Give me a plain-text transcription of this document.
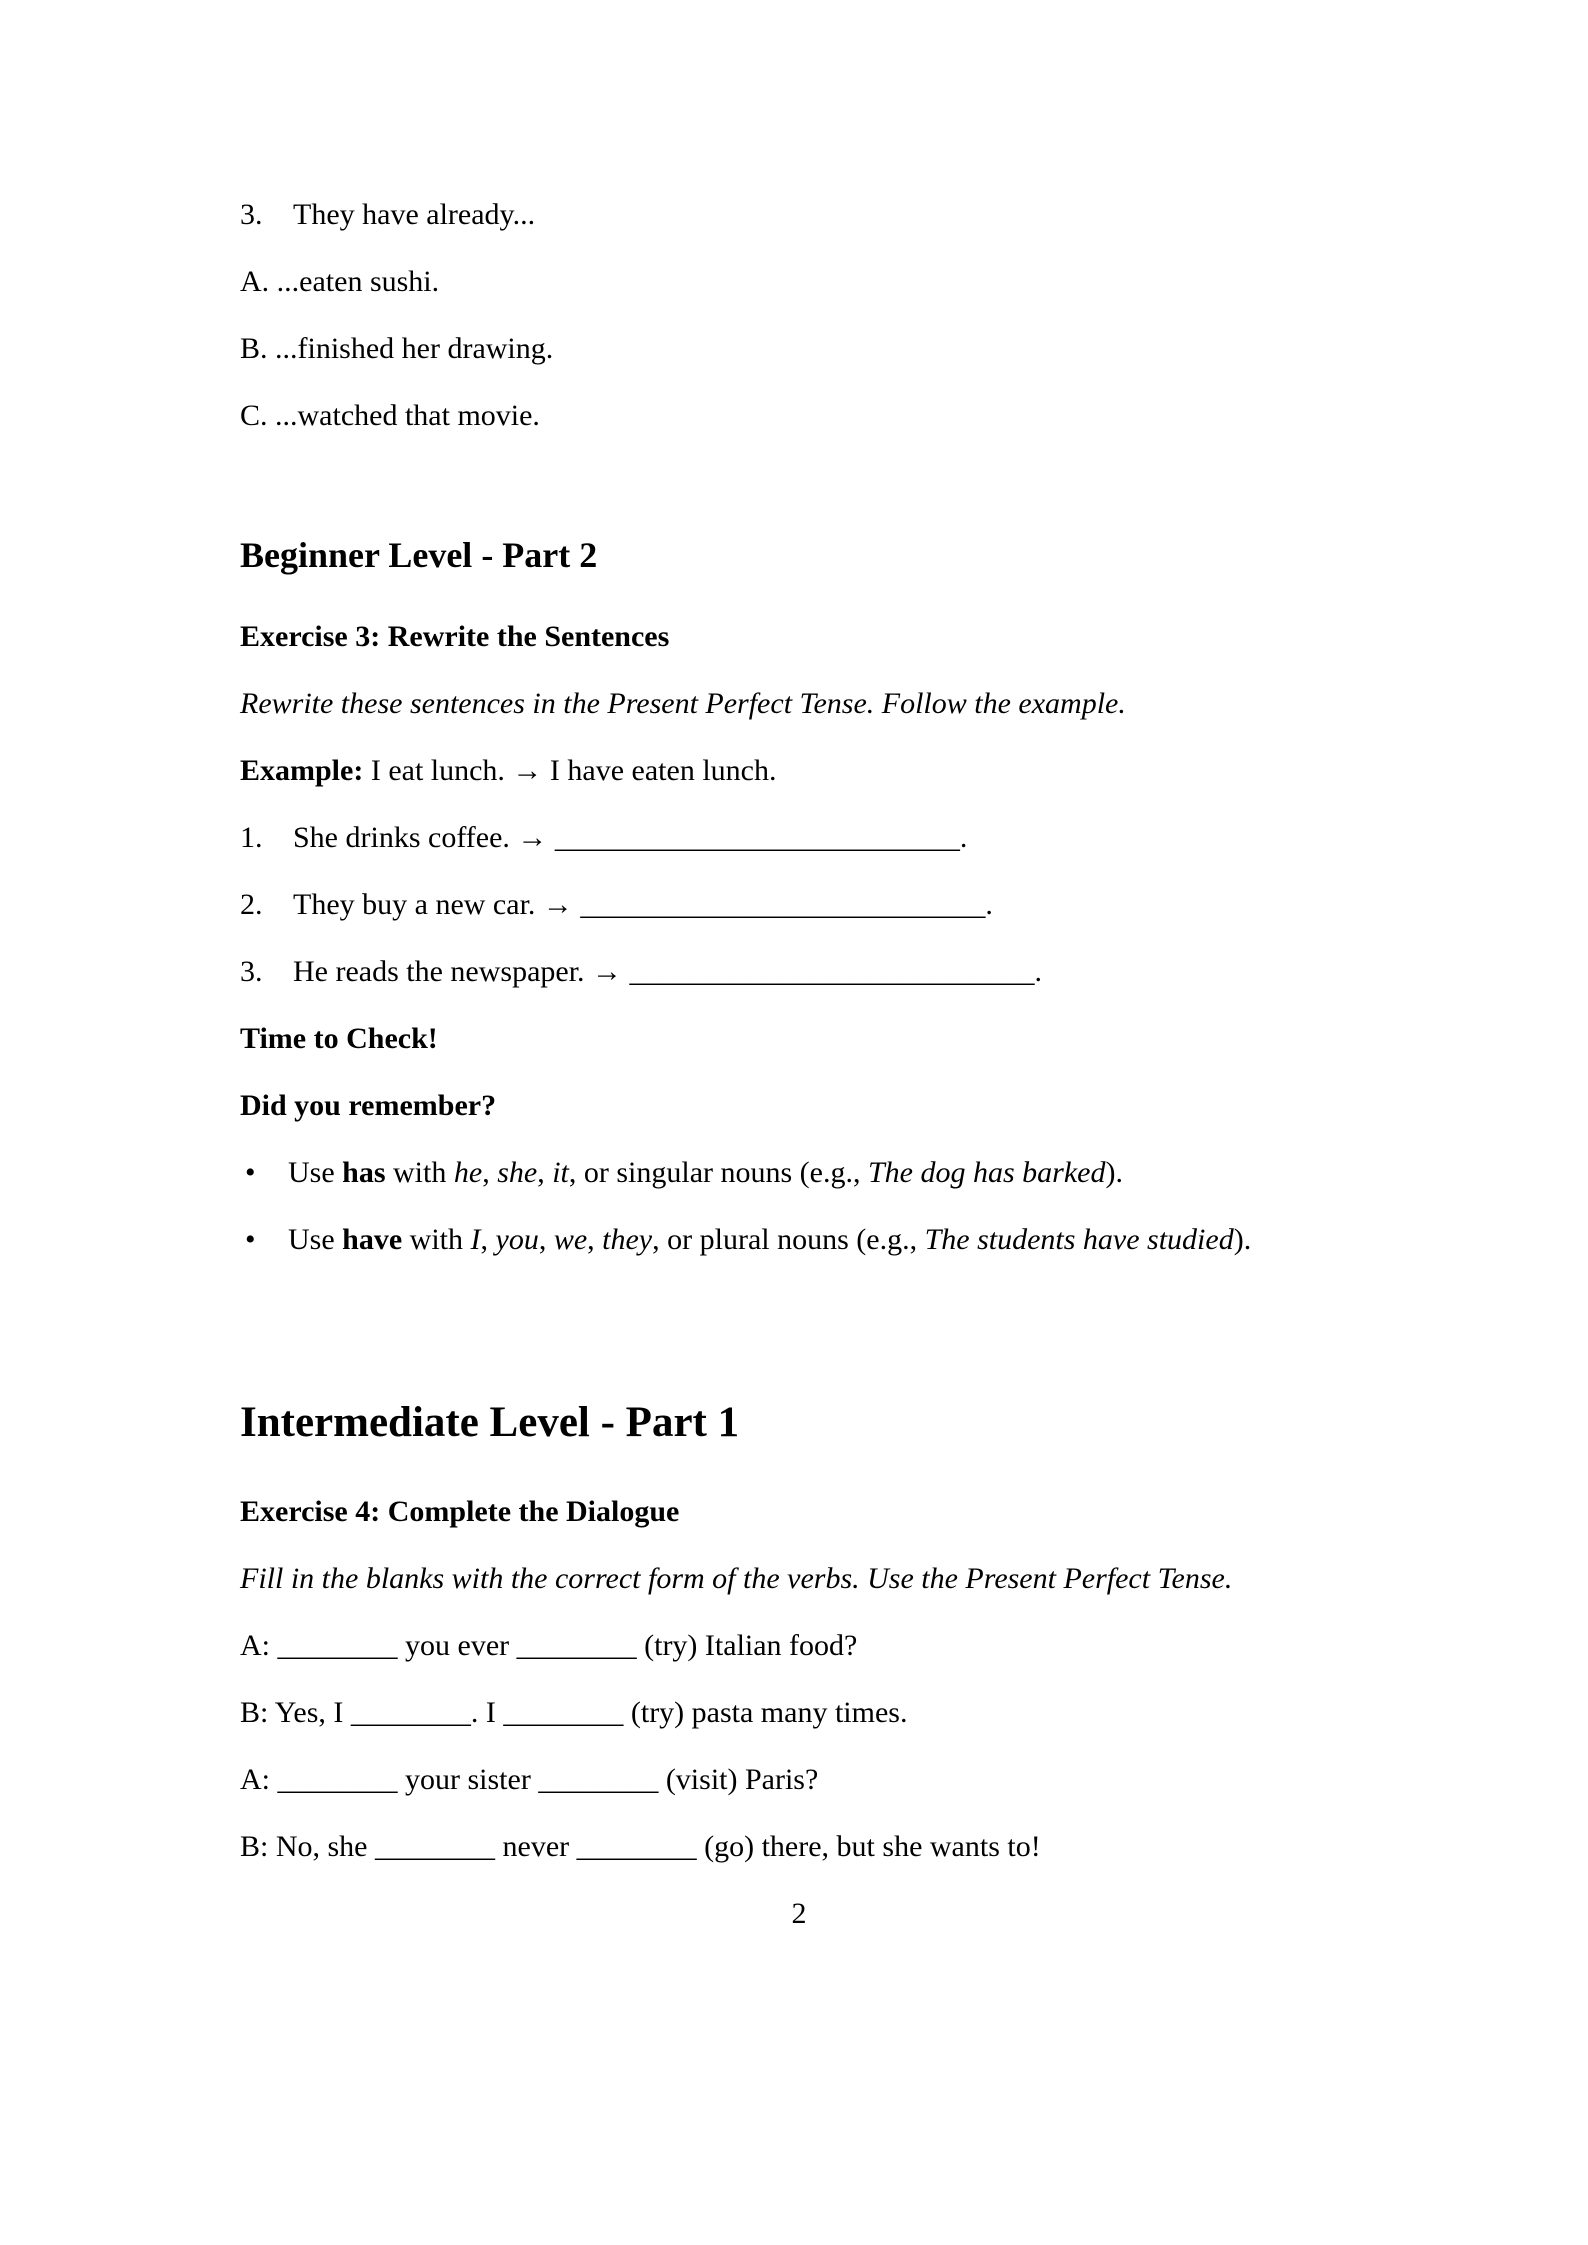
3. They have already...

A. ...eaten sushi.

B. ...finished her drawing.

C. ...watched that movie.

Beginner Level - Part 2

Exercise 3: Rewrite the Sentences

Rewrite these sentences in the Present Perfect Tense. Follow the example.

Example: I eat lunch. → I have eaten lunch.

1. She drinks coffee. → ___________________________.

2. They buy a new car. → ___________________________.

3. He reads the newspaper. → ___________________________.

Time to Check!

Did you remember?

• Use has with he, she, it, or singular nouns (e.g., The dog has barked).

• Use have with I, you, we, they, or plural nouns (e.g., The students have studied).

Intermediate Level - Part 1

Exercise 4: Complete the Dialogue

Fill in the blanks with the correct form of the verbs. Use the Present Perfect Tense.

A: ________ you ever ________ (try) Italian food?

B: Yes, I ________. I ________ (try) pasta many times.

A: ________ your sister ________ (visit) Paris?

B: No, she ________ never ________ (go) there, but she wants to!

2
